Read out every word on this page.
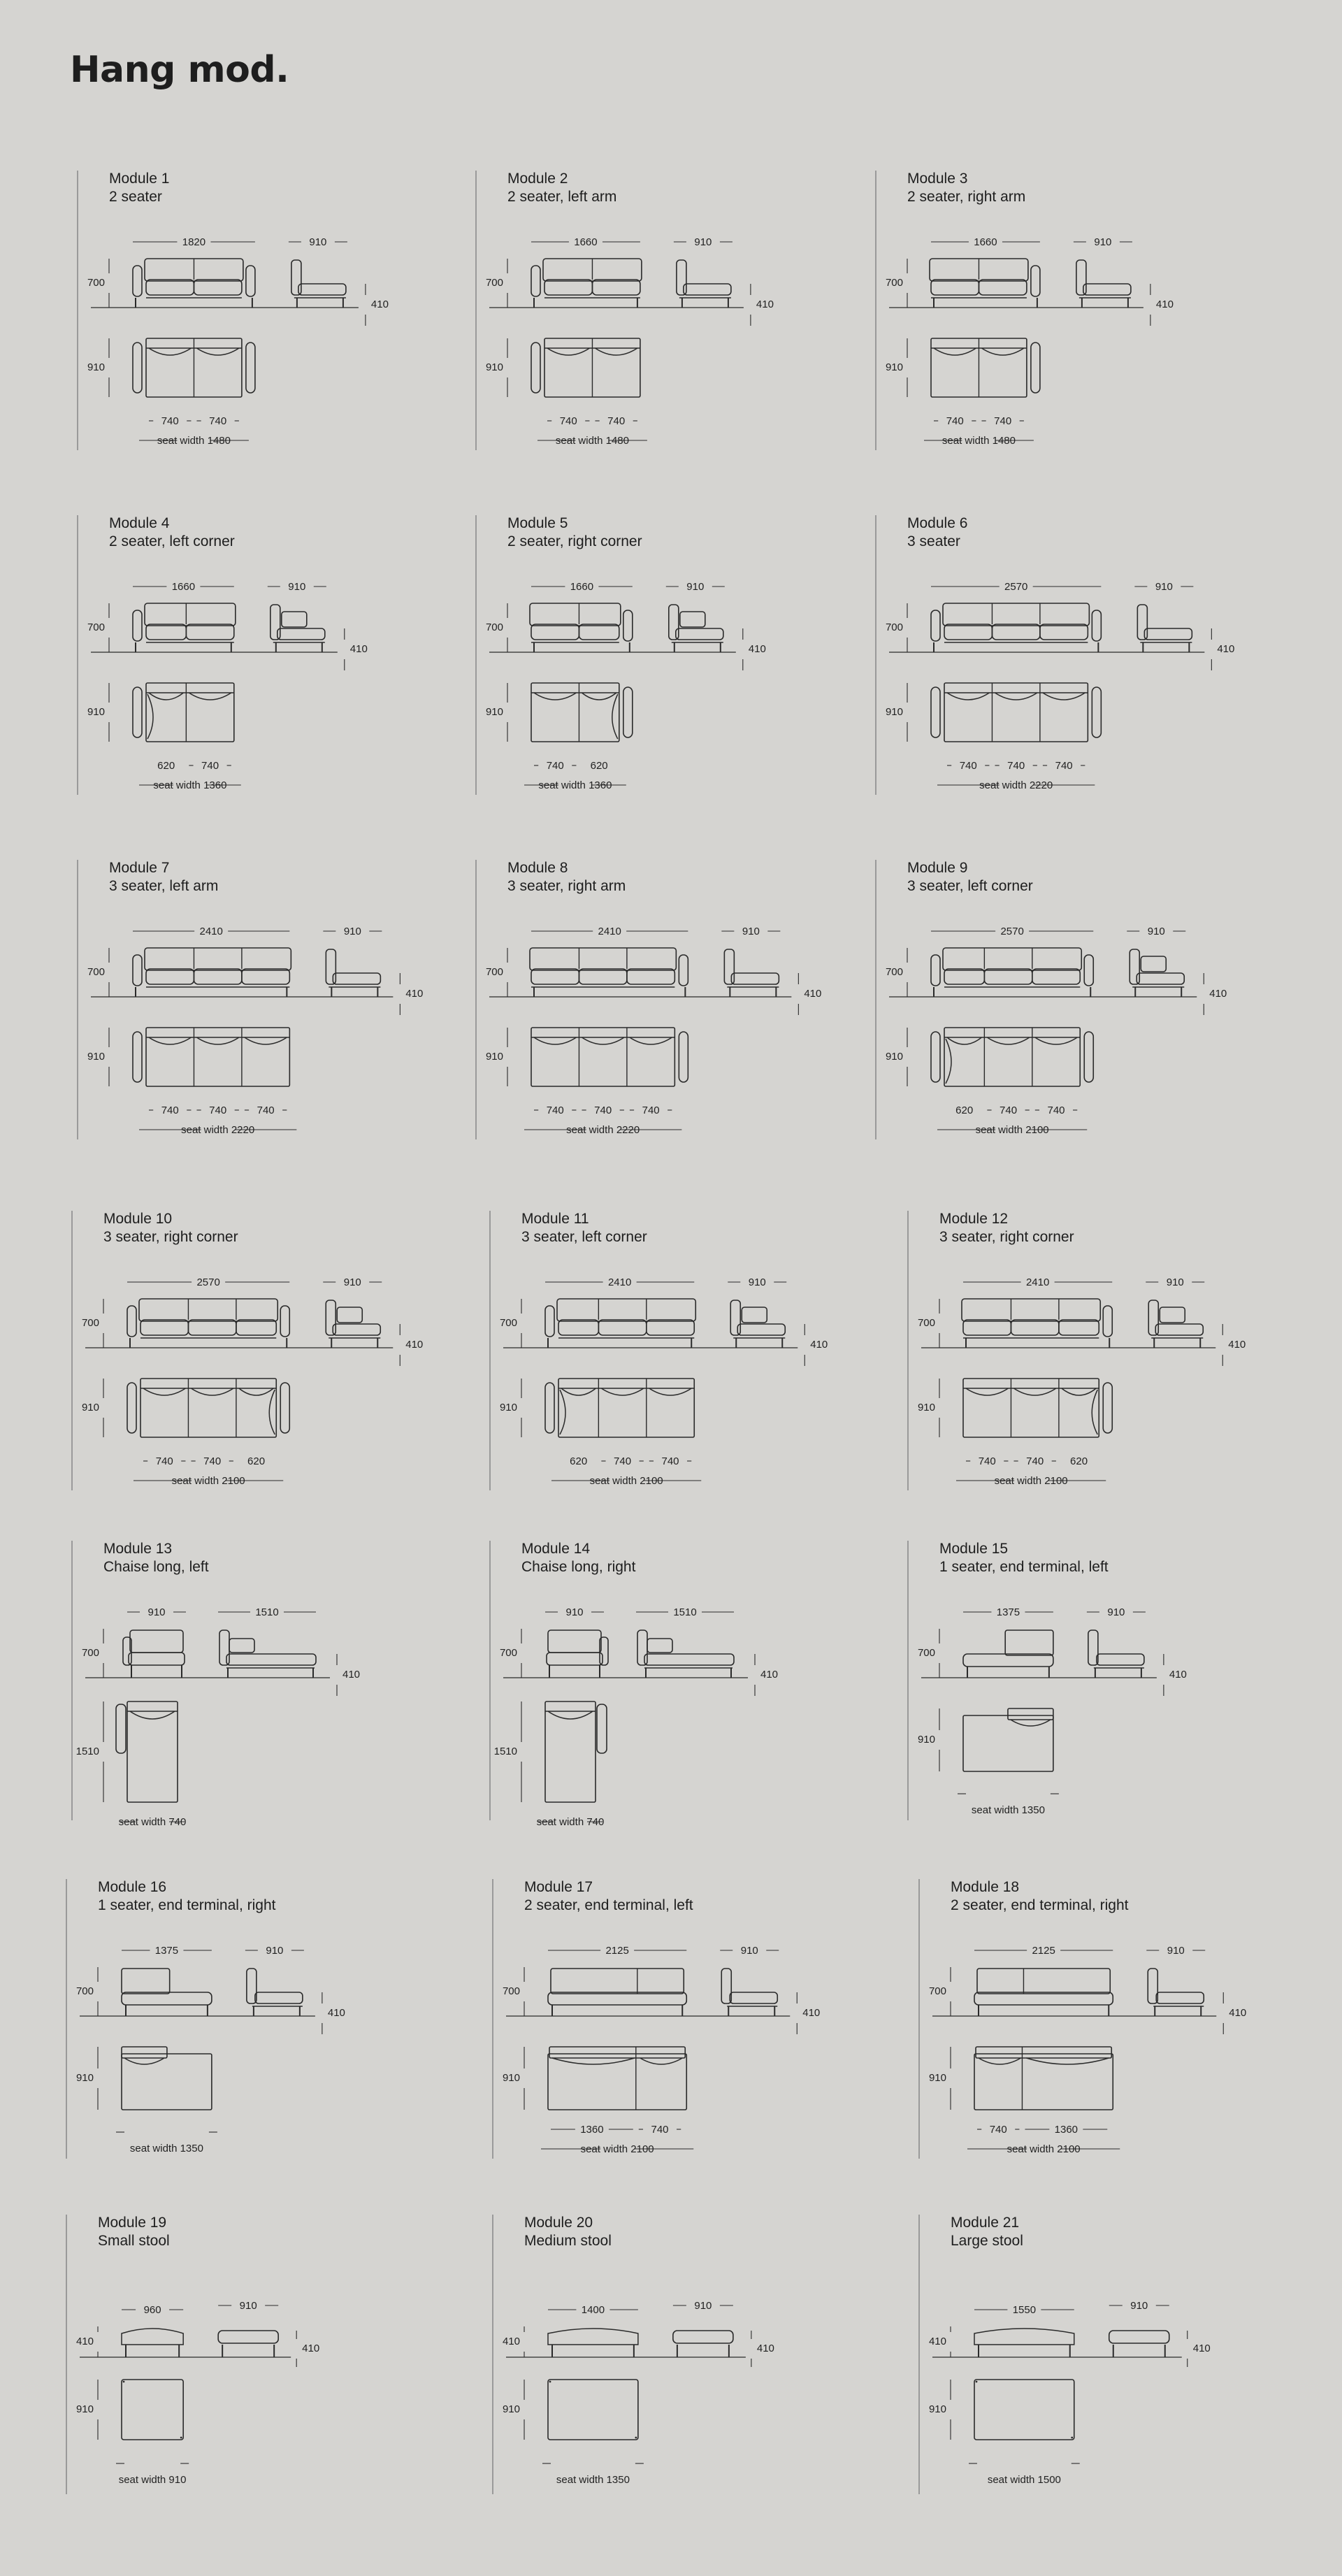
Hang mod.
Module 1
2 seater
1820
700
910
410
910
740	740
seat width 1480
Module 2
2 seater, left arm
1660
700
910
410
910
740	740
seat width 1480
Module 3
2 seater, right arm
1660
700
910
410
910
740	740
seat width 1480
Module 4
2 seater, left corner
1660
700
910
410
910
620	740
seat width 1360
Module 5
2 seater, right corner
1660
700
910
410
910
740	620
seat width 1360
Module 6
3 seater
2570
700
910
410
910
740	740	740
seat width 2220
Module 7
3 seater, left arm
2410
700
910
410
910
740	740	740
seat width 2220
Module 8
3 seater, right arm
2410
700
910
410
910
740	740	740
seat width 2220
Module 9
3 seater, left corner
2570
700
910
410
910
620	740	740
seat width 2100
Module 10
3 seater, right corner
2570
700
910
410
910
740	740	620
seat width 2100
Module 11
3 seater, left corner
2410
700
910
410
910
620	740	740
seat width 2100
Module 12
3 seater, right corner
2410
700
910
410
910
740	740	620
seat width 2100
Module 13
Chaise long, left
700
910	1510
410
1510
seat width 740
Module 14
Chaise long, right
700
910	1510
410
1510
seat width 740
Module 15
1 seater, end terminal, left
1375
700
910
410
910
seat width 1350
Module 16
1 seater, end terminal, right
1375
700
910
410
910
seat width 1350
Module 17
2 seater, end terminal, left
2125
700
910
410
910
1360	740
seat width 2100
Module 18
2 seater, end terminal, right
2125
700
910
410
910
740	1360
seat width 2100
Module 19
Small stool
960
410
910
410
910
seat width 910
Module 20
Medium stool
1400
410
910
410
910
seat width 1350
Module 21
Large stool
1550
410
910
410
910
seat width 1500
